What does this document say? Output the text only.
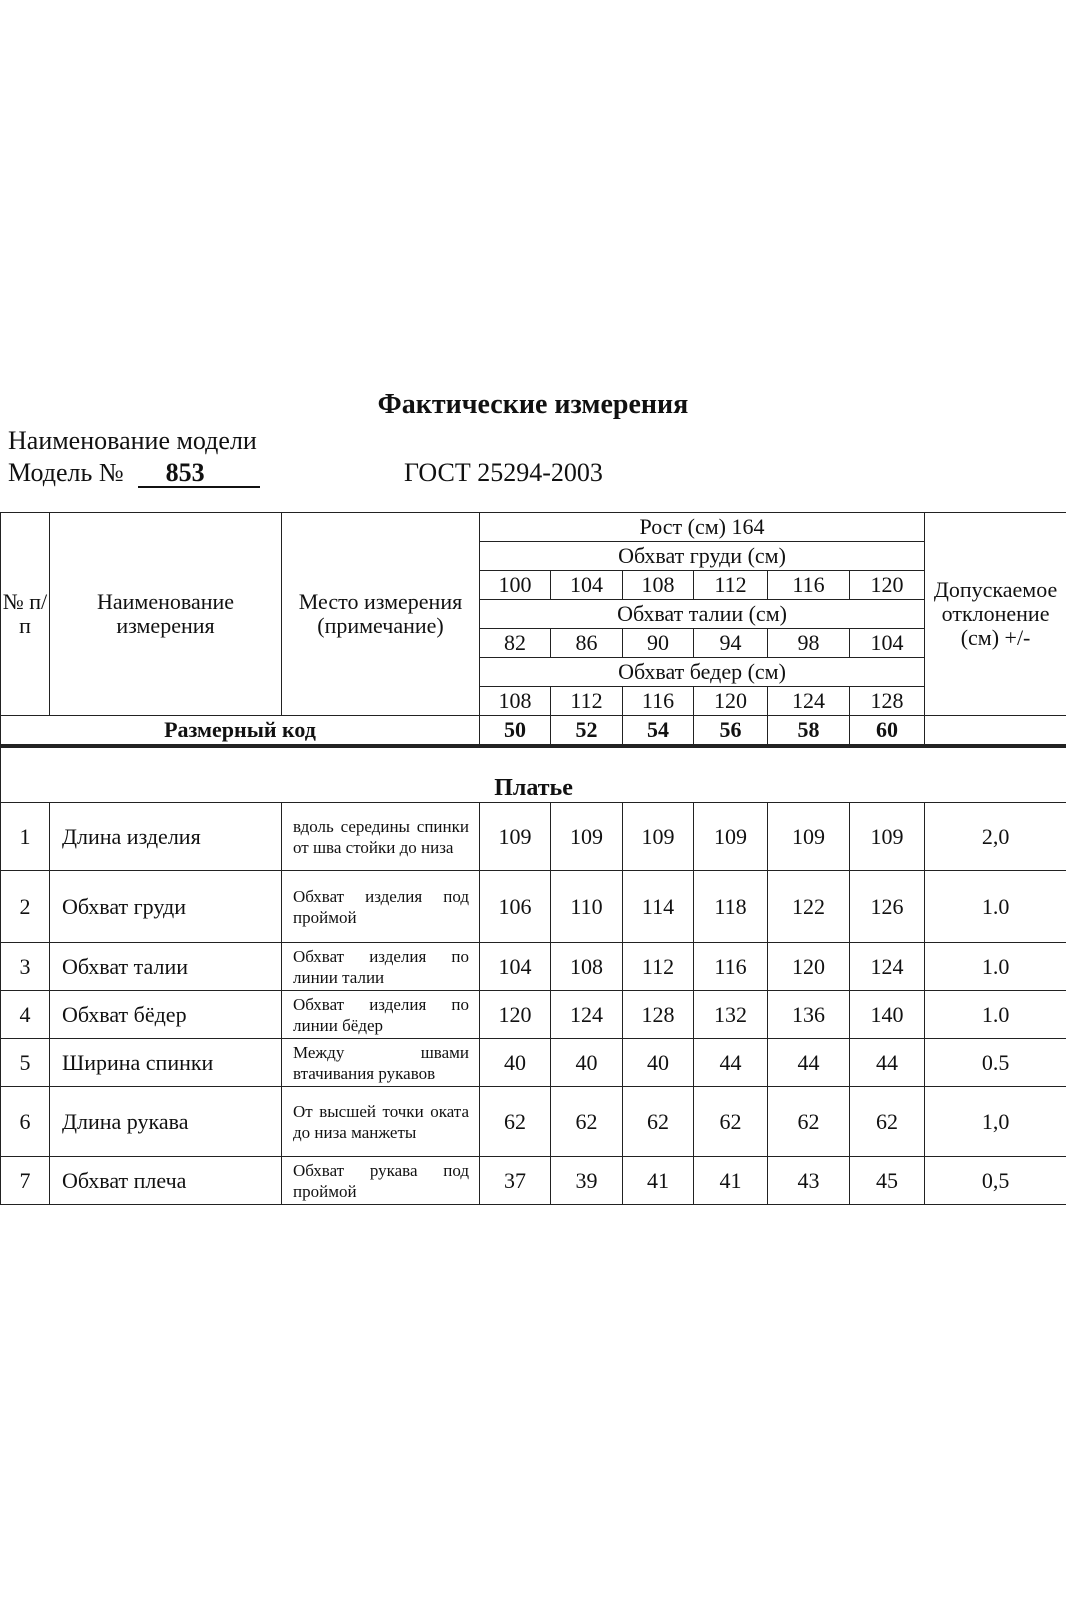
Фактические измерения
Наименование модели
Модель № 853	ГОСТ 25294-2003
№ п/ п	Наименование измерения	Место измерения (примечание)	Рост (см) 164						Допускаемое отклонение (см) +/-
			Обхват груди (см)						
			100	104	108	112	116	120	
			Обхват талии (см)						
			82	86	90	94	98	104	
			Обхват бедер (см)						
			108	112	116	120	124	128	
Размерный код			50	52	54	56	58	60	
Платье									
1	Длина изделия	вдоль середины спинки от шва стойки до низа	109	109	109	109	109	109	2,0
2	Обхват груди	Обхват изделия под проймой	106	110	114	118	122	126	1.0
3	Обхват талии	Обхват изделия по линии талии	104	108	112	116	120	124	1.0
4	Обхват бёдер	Обхват изделия по линии бёдер	120	124	128	132	136	140	1.0
5	Ширина спинки	Между швами втачивания рукавов	40	40	40	44	44	44	0.5
6	Длина рукава	От высшей точки оката до низа манжеты	62	62	62	62	62	62	1,0
7	Обхват плеча	Обхват рукава под проймой	37	39	41	41	43	45	0,5
